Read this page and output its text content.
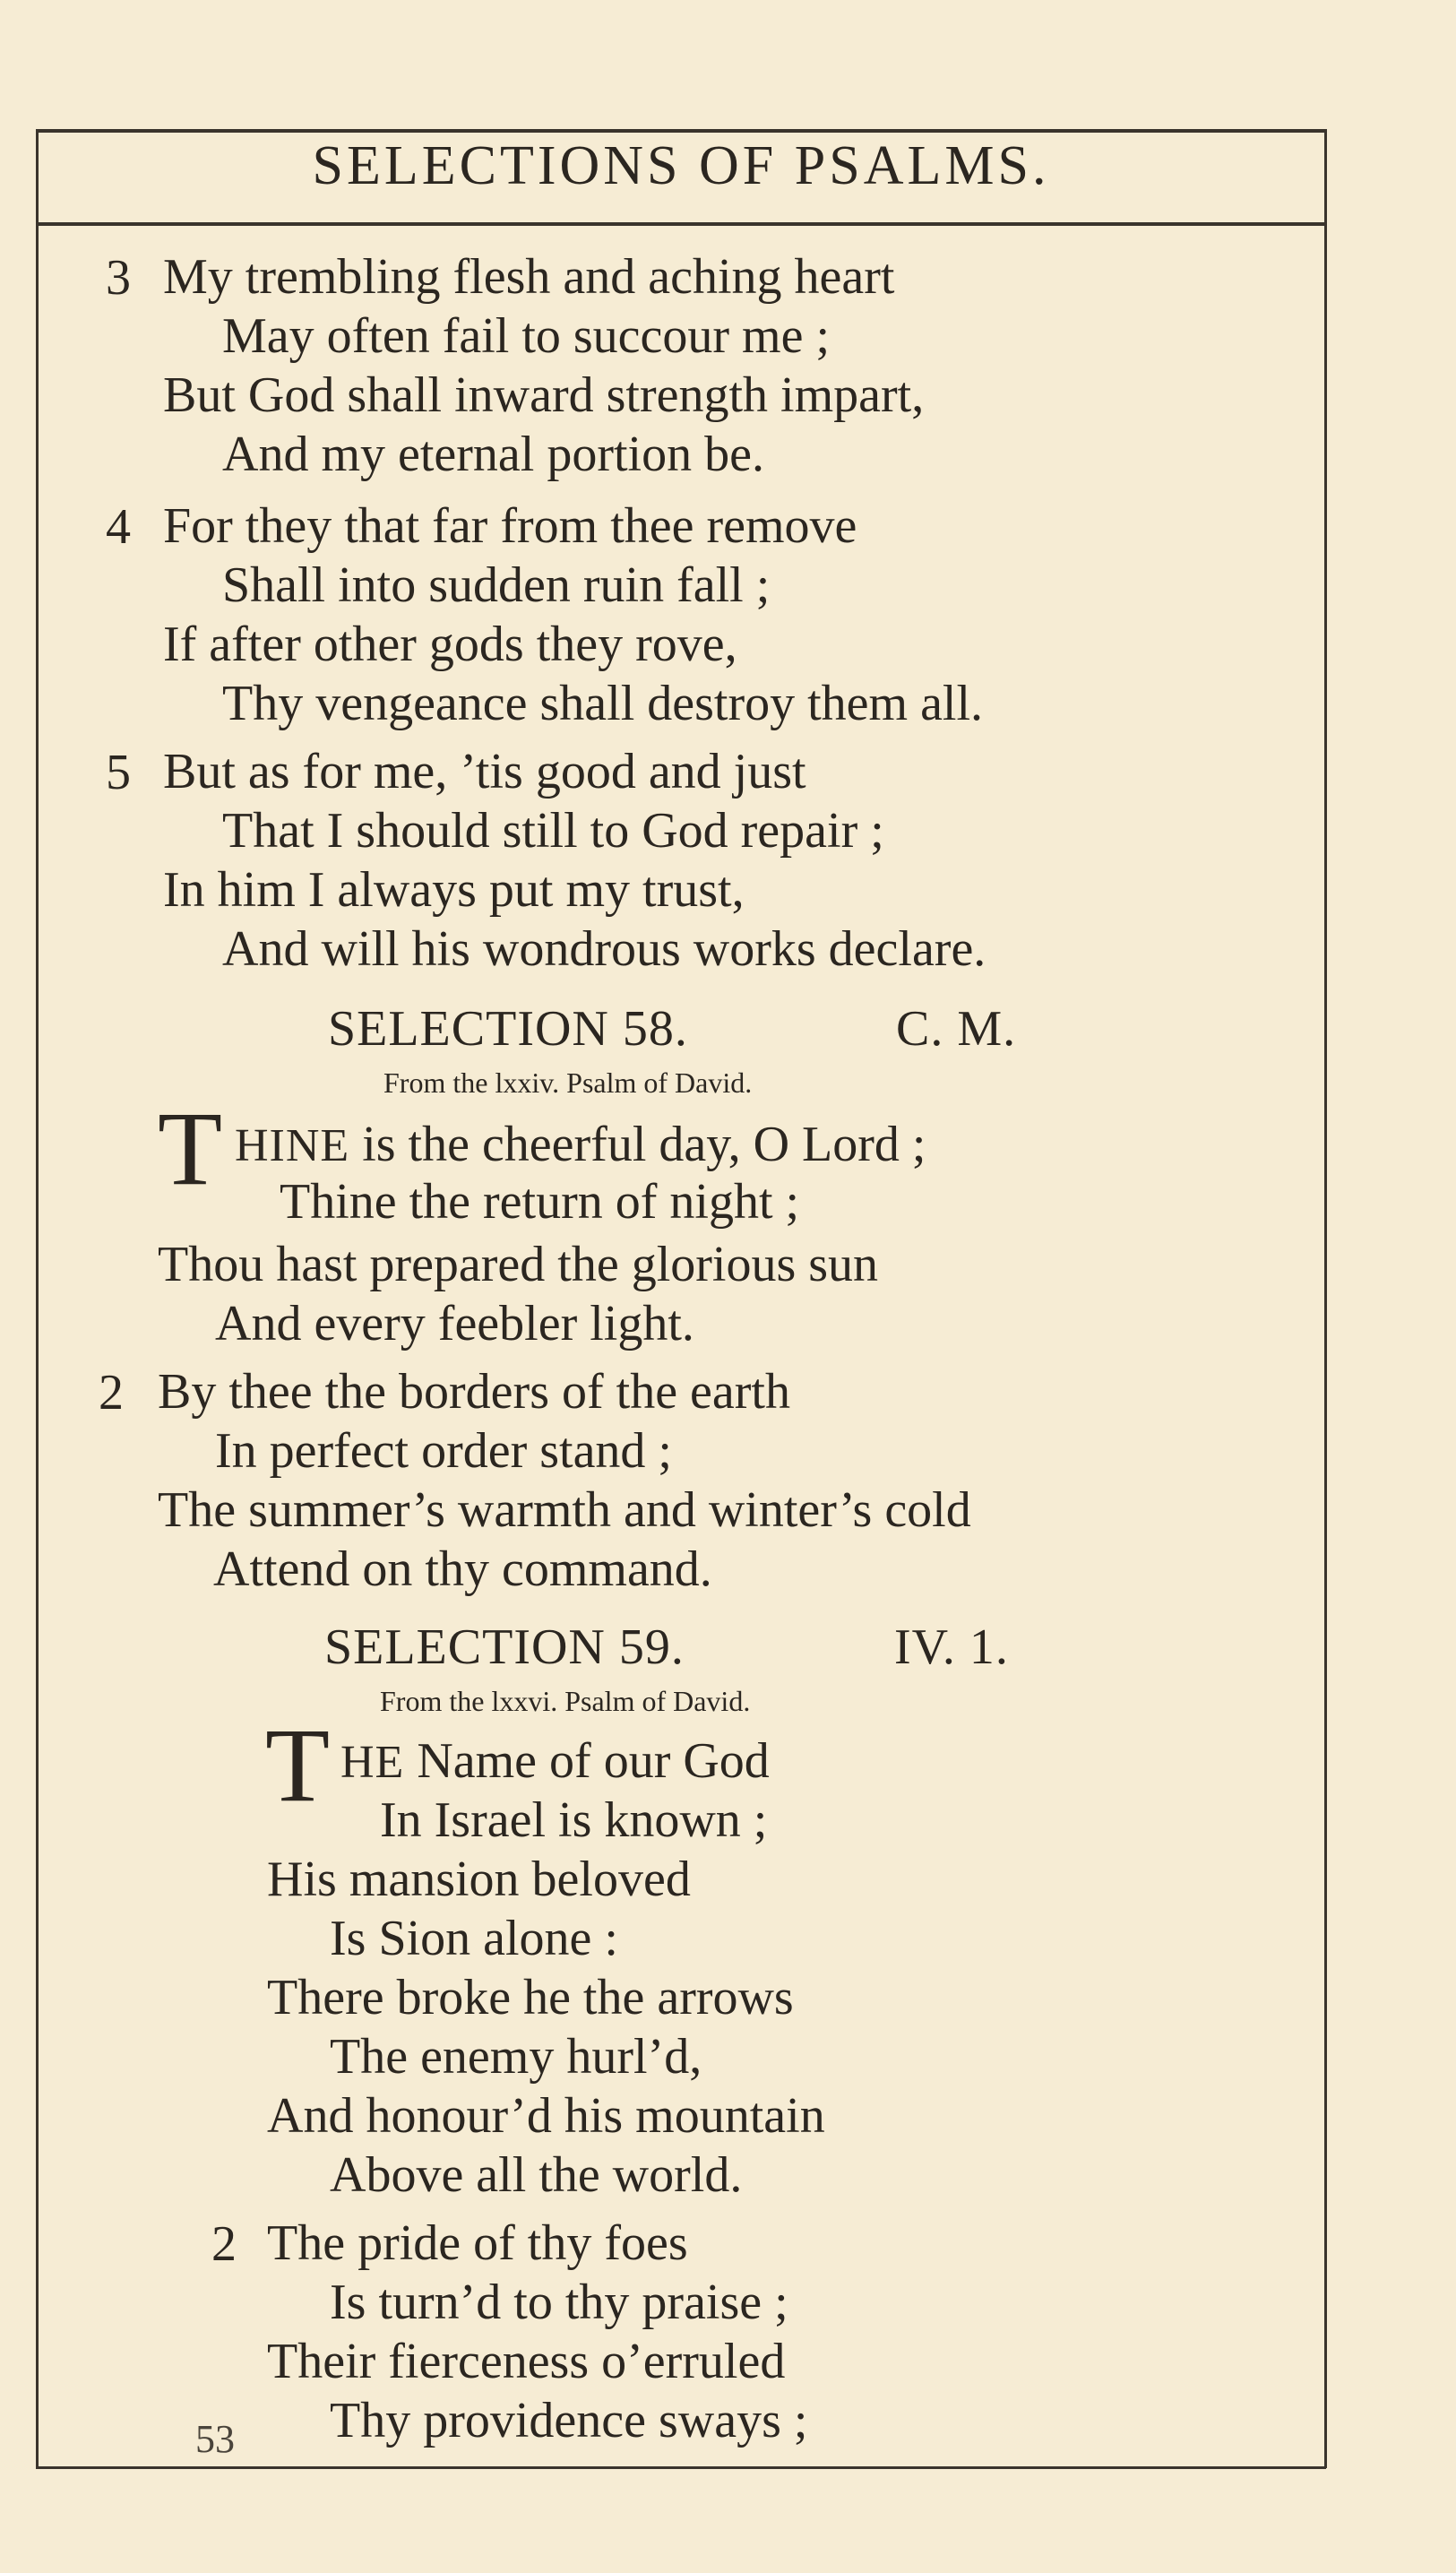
SELECTIONS OF PSALMS.
3 My trembling flesh and aching heart
May often fail to succour me ;
But God shall inward strength impart,
And my eternal portion be.
4 For they that far from thee remove
Shall into sudden ruin fall ;
If after other gods they rove,
Thy vengeance shall destroy them all.
5 But as for me, ’tis good and just
That I should still to God repair ;
In him I always put my trust,
And will his wondrous works declare.
SELECTION 58.	C. M.
From the lxxiv. Psalm of David.
T HINE is the cheerful day, O Lord ;
Thine the return of night ;
Thou hast prepared the glorious sun
And every feebler light.
2 By thee the borders of the earth
In perfect order stand ;
The summer’s warmth and winter’s cold
Attend on thy command.
SELECTION 59.	IV. 1.
From the lxxvi. Psalm of David.
T HE Name of our God
In Israel is known ;
His mansion beloved
Is Sion alone :
There broke he the arrows
The enemy hurl’d,
And honour’d his mountain
Above all the world.
2 The pride of thy foes
Is turn’d to thy praise ;
Their fierceness o’erruled
Thy providence sways ;
53
